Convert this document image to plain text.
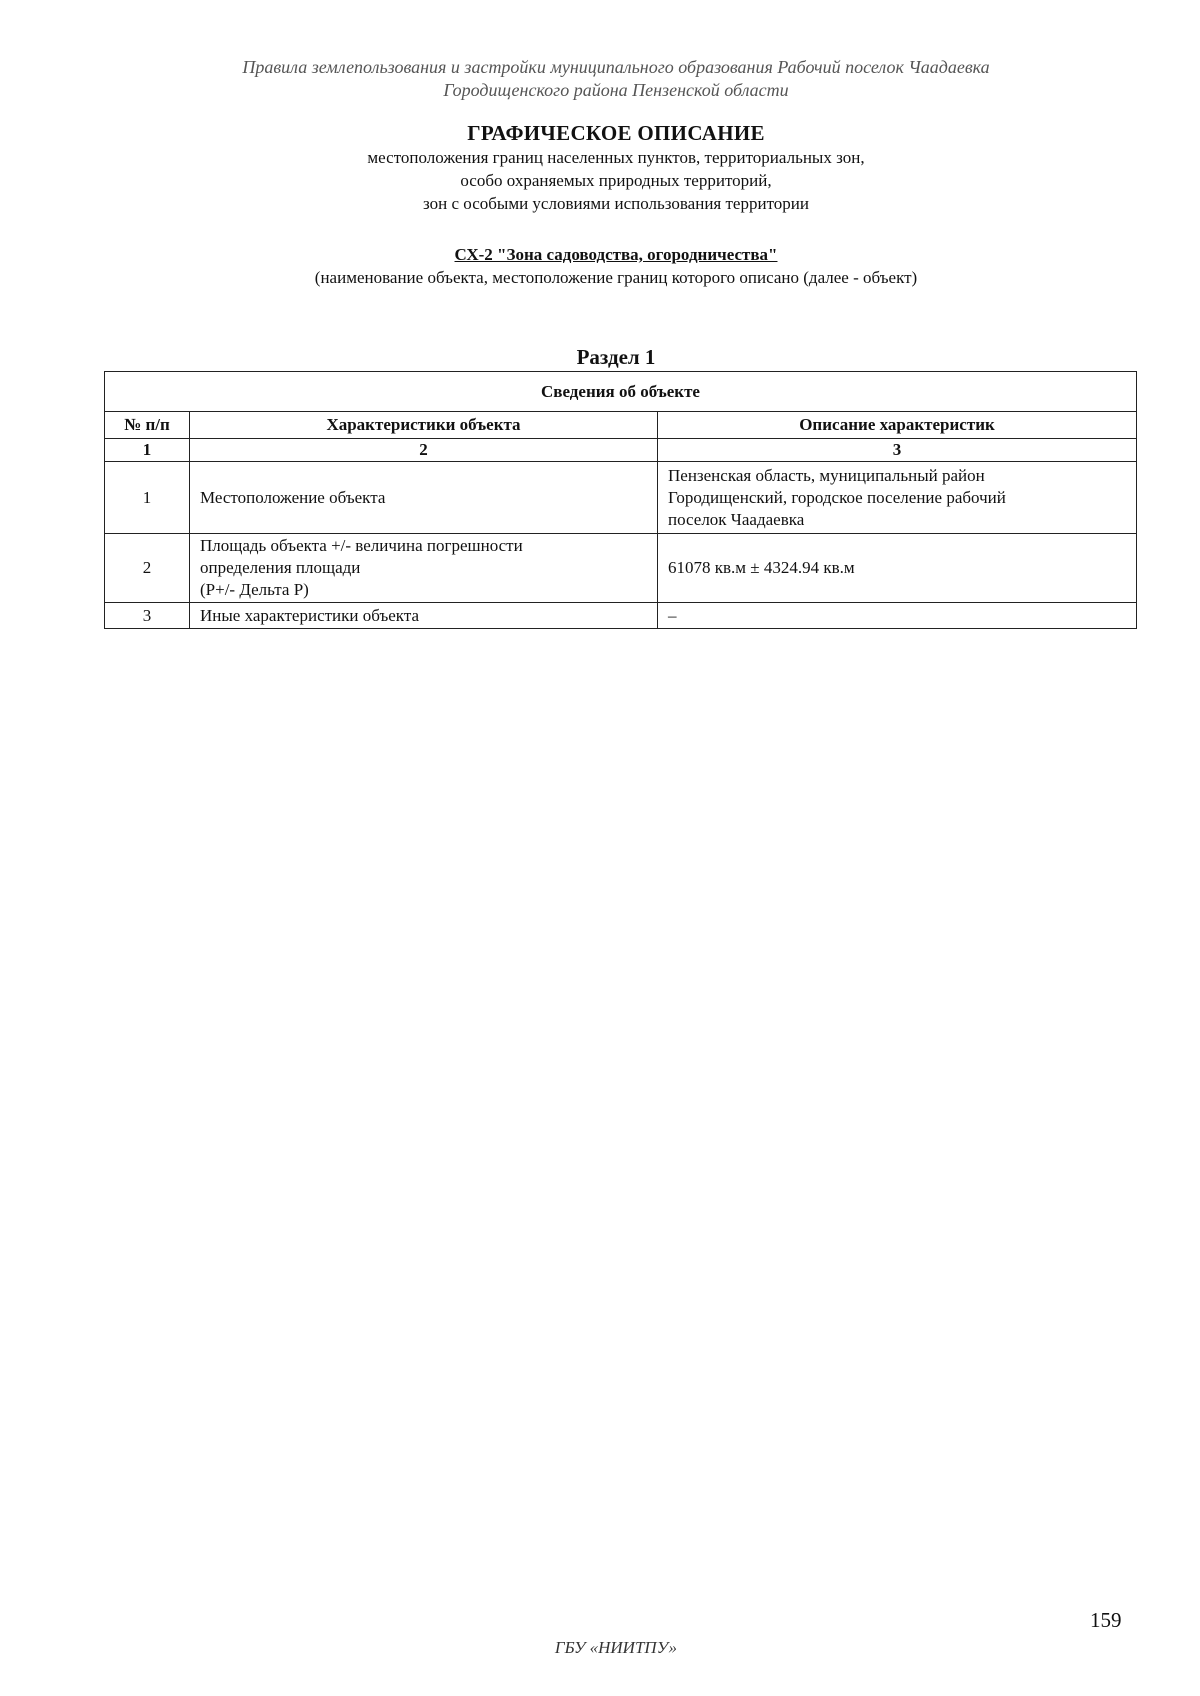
Правила землепользования и застройки муниципального образования Рабочий поселок Чаадаевка
Городищенского района Пензенской области
ГРАФИЧЕСКОЕ ОПИСАНИЕ
местоположения границ населенных пунктов, территориальных зон,
особо охраняемых природных территорий,
зон с особыми условиями использования территории
СХ-2 "Зона садоводства, огородничества"
(наименование объекта, местоположение границ которого описано (далее - объект)
Раздел 1
Сведения об объекте		
№ п/п	Характеристики объекта	Описание характеристик
1	2	3
1	Местоположение объекта	Пензенская область, муниципальный район
Городищенский, городское поселение рабочий
поселок Чаадаевка

2	Площадь объекта +/- величина погрешности
определения площади
(P+/- Дельта P)	61078 кв.м ± 4324.94 кв.м

3	Иные характеристики объекта	–
159
ГБУ «НИИТПУ»
